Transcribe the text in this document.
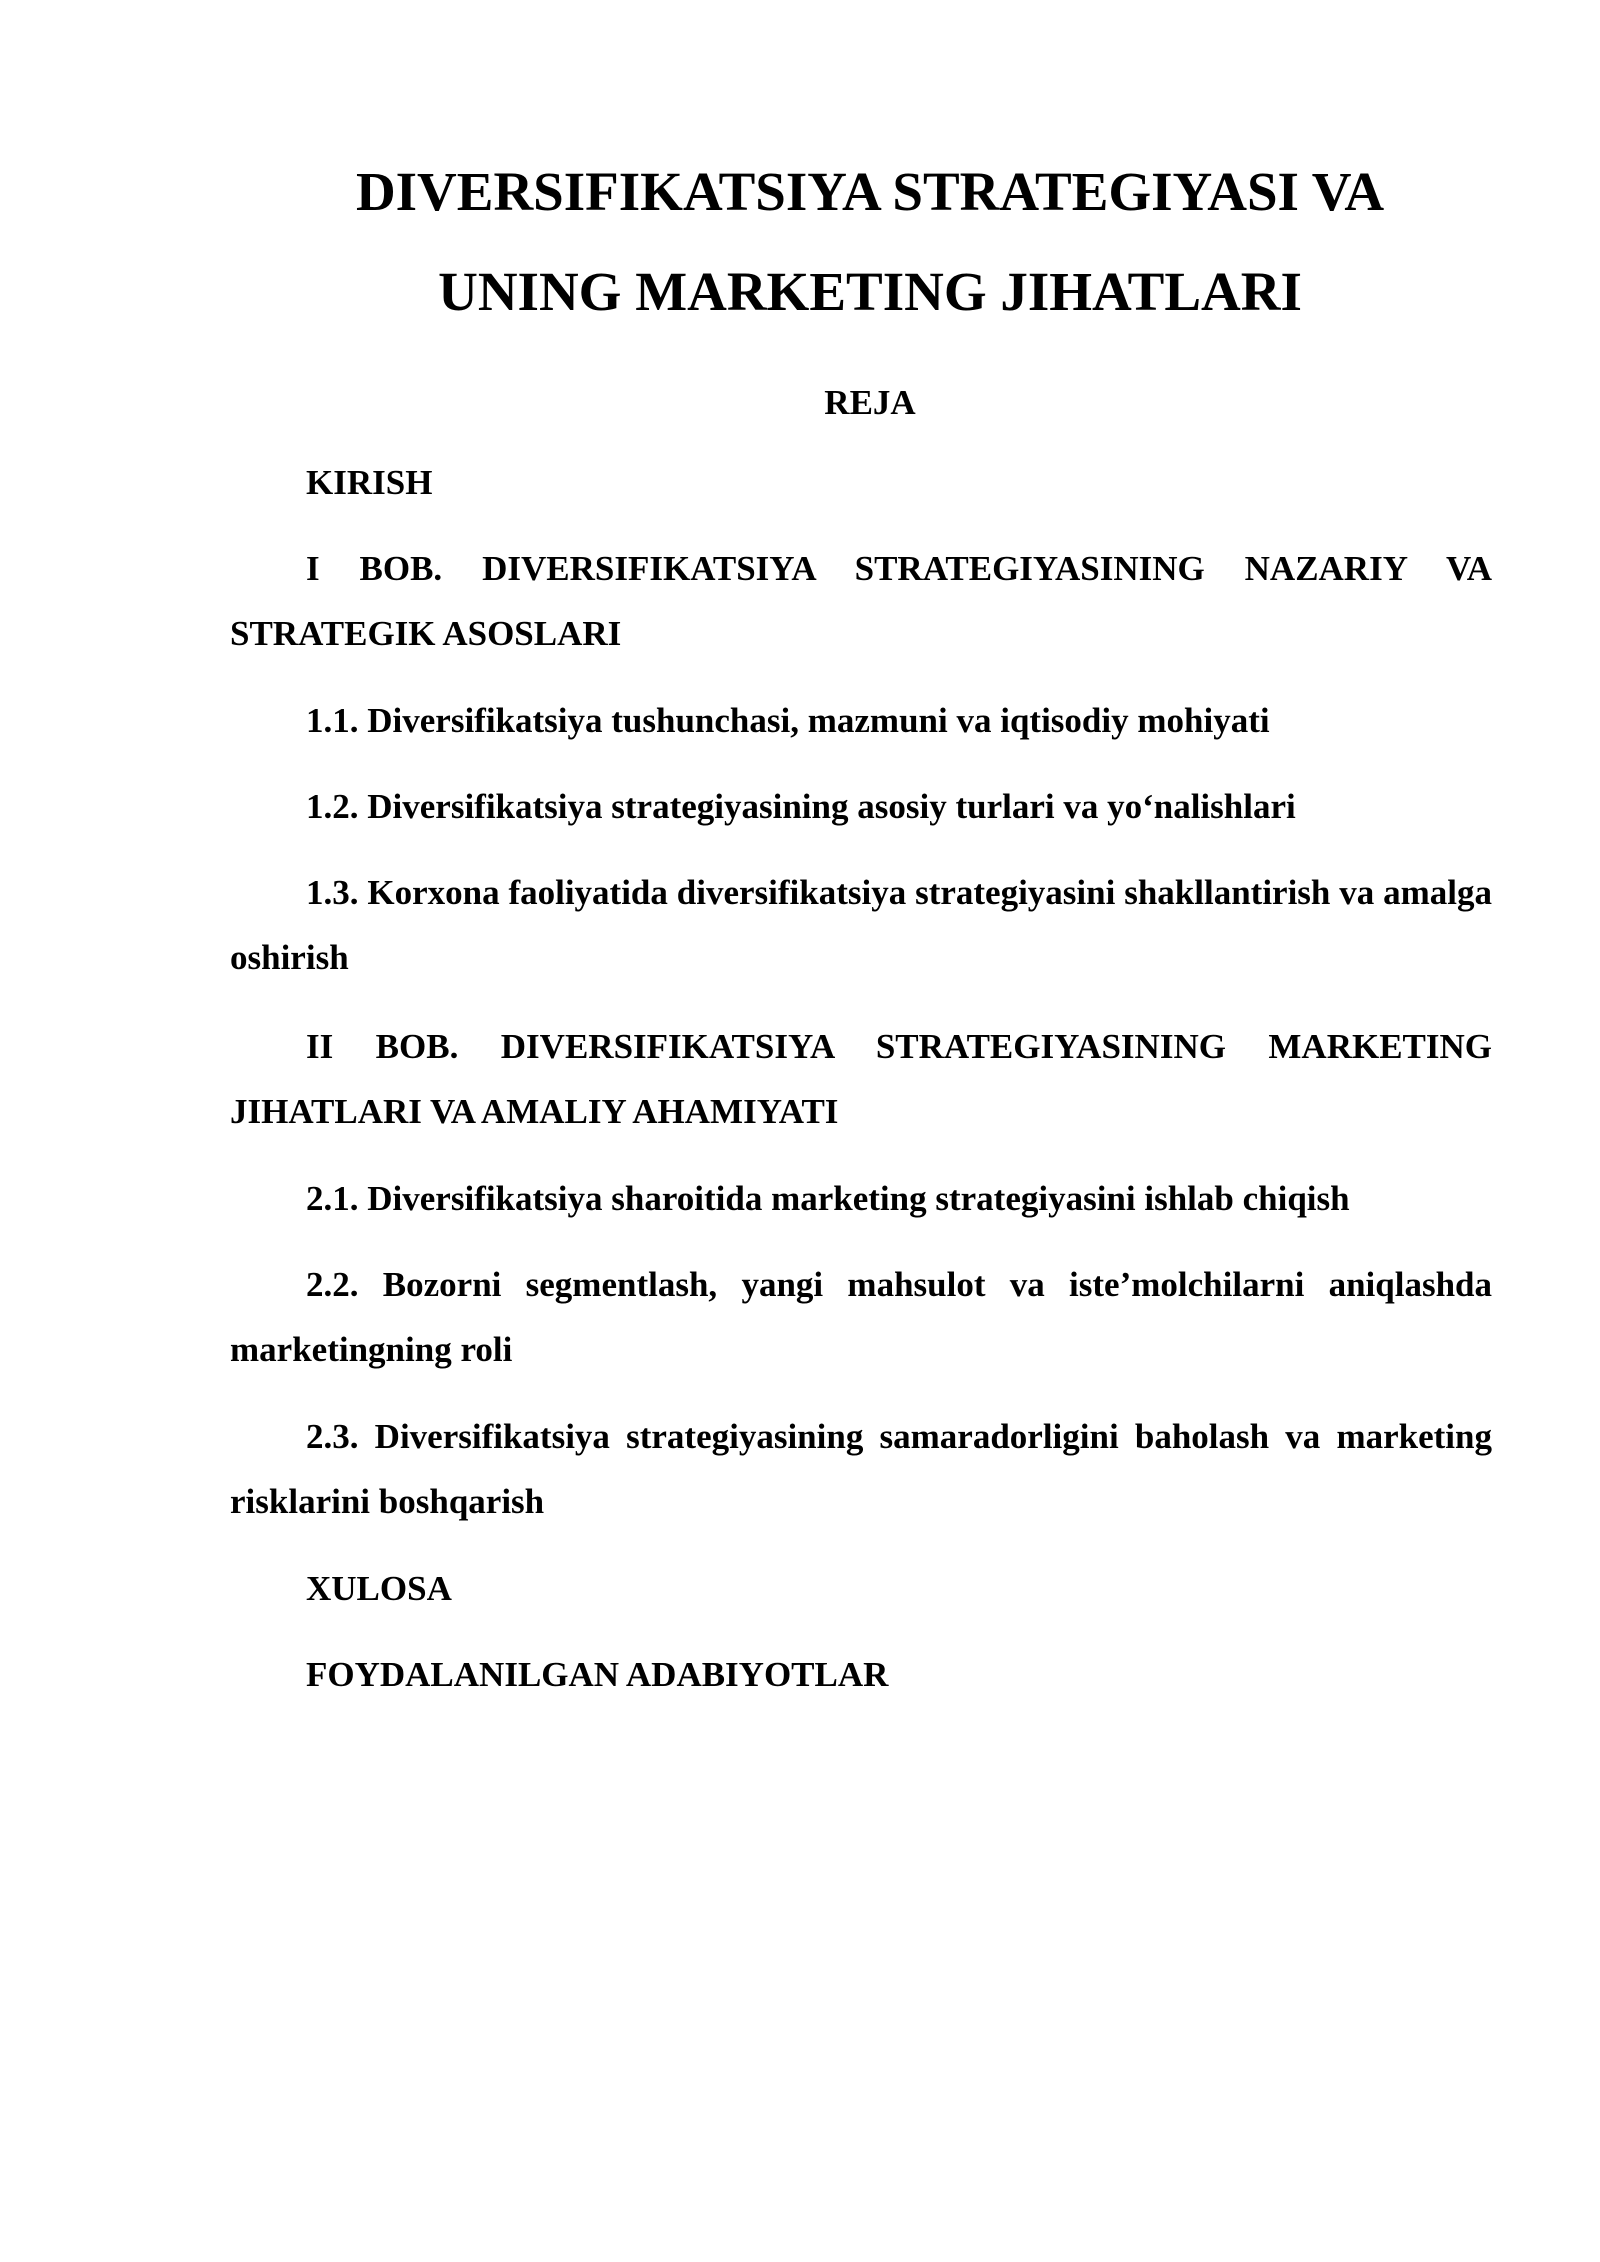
DIVERSIFIKATSIYA STRATEGIYASI VA
UNING MARKETING JIHATLARI
REJA
KIRISH
I BOB. DIVERSIFIKATSIYA STRATEGIYASINING NAZARIY VA STRATEGIK ASOSLARI
1.1. Diversifikatsiya tushunchasi, mazmuni va iqtisodiy mohiyati
1.2. Diversifikatsiya strategiyasining asosiy turlari va yo‘nalishlari
1.3. Korxona faoliyatida diversifikatsiya strategiyasini shakllantirish va amalga oshirish
II BOB. DIVERSIFIKATSIYA STRATEGIYASINING MARKETING JIHATLARI VA AMALIY AHAMIYATI
2.1. Diversifikatsiya sharoitida marketing strategiyasini ishlab chiqish
2.2. Bozorni segmentlash, yangi mahsulot va iste’molchilarni aniqlashda marketingning roli
2.3. Diversifikatsiya strategiyasining samaradorligini baholash va marketing risklarini boshqarish
XULOSA
FOYDALANILGAN ADABIYOTLAR
